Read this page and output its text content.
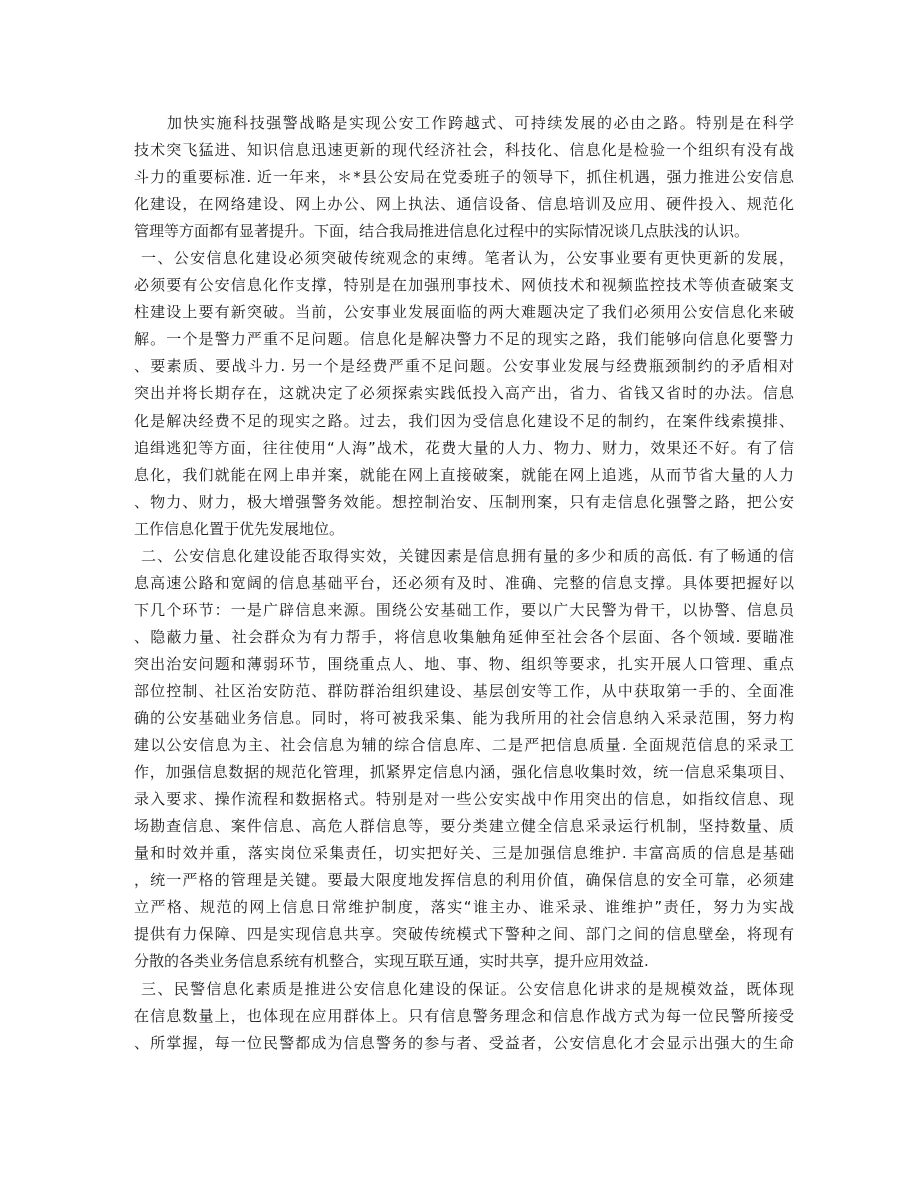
加快实施科技强警战略是实现公安工作跨越式、可持续发展的必由之路。特别是在科学
技术突飞猛进、知识信息迅速更新的现代经济社会，科技化、信息化是检验一个组织有没有战
斗力的重要标准. 近一年来，＊*县公安局在党委班子的领导下，抓住机遇，强力推进公安信息
化建设，在网络建设、网上办公、网上执法、通信设备、信息培训及应用、硬件投入、规范化
管理等方面都有显著提升。下面，结合我局推进信息化过程中的实际情况谈几点肤浅的认识。
一、公安信息化建设必须突破传统观念的束缚。笔者认为，公安事业要有更快更新的发展，
必须要有公安信息化作支撑，特别是在加强刑事技术、网侦技术和视频监控技术等侦查破案支
柱建设上要有新突破。当前，公安事业发展面临的两大难题决定了我们必须用公安信息化来破
解。一个是警力严重不足问题。信息化是解决警力不足的现实之路，我们能够向信息化要警力
、要素质、要战斗力. 另一个是经费严重不足问题。公安事业发展与经费瓶颈制约的矛盾相对
突出并将长期存在，这就决定了必须探索实践低投入高产出，省力、省钱又省时的办法。信息
化是解决经费不足的现实之路。过去，我们因为受信息化建设不足的制约，在案件线索摸排、
追缉逃犯等方面，往往使用“人海”战术，花费大量的人力、物力、财力，效果还不好。有了信
息化，我们就能在网上串并案，就能在网上直接破案，就能在网上追逃，从而节省大量的人力
、物力、财力，极大增强警务效能。想控制治安、压制刑案，只有走信息化强警之路，把公安
工作信息化置于优先发展地位。
二、公安信息化建设能否取得实效，关键因素是信息拥有量的多少和质的高低. 有了畅通的信
息高速公路和宽阔的信息基础平台，还必须有及时、准确、完整的信息支撑。具体要把握好以
下几个环节：一是广辟信息来源。围绕公安基础工作，要以广大民警为骨干，以协警、信息员
、隐蔽力量、社会群众为有力帮手，将信息收集触角延伸至社会各个层面、各个领域. 要瞄准
突出治安问题和薄弱环节，围绕重点人、地、事、物、组织等要求，扎实开展人口管理、重点
部位控制、社区治安防范、群防群治组织建设、基层创安等工作，从中获取第一手的、全面准
确的公安基础业务信息。同时，将可被我采集、能为我所用的社会信息纳入采录范围，努力构
建以公安信息为主、社会信息为辅的综合信息库、二是严把信息质量. 全面规范信息的采录工
作，加强信息数据的规范化管理，抓紧界定信息内涵，强化信息收集时效，统一信息采集项目、
录入要求、操作流程和数据格式。特别是对一些公安实战中作用突出的信息，如指纹信息、现
场勘查信息、案件信息、高危人群信息等，要分类建立健全信息采录运行机制，坚持数量、质
量和时效并重，落实岗位采集责任，切实把好关、三是加强信息维护. 丰富高质的信息是基础
，统一严格的管理是关键。要最大限度地发挥信息的利用价值，确保信息的安全可靠，必须建
立严格、规范的网上信息日常维护制度，落实“谁主办、谁采录、谁维护”责任，努力为实战
提供有力保障、四是实现信息共享。突破传统模式下警种之间、部门之间的信息壁垒，将现有
分散的各类业务信息系统有机整合，实现互联互通，实时共享，提升应用效益.
三、民警信息化素质是推进公安信息化建设的保证。公安信息化讲求的是规模效益，既体现
在信息数量上，也体现在应用群体上。只有信息警务理念和信息作战方式为每一位民警所接受
、所掌握，每一位民警都成为信息警务的参与者、受益者，公安信息化才会显示出强大的生命
